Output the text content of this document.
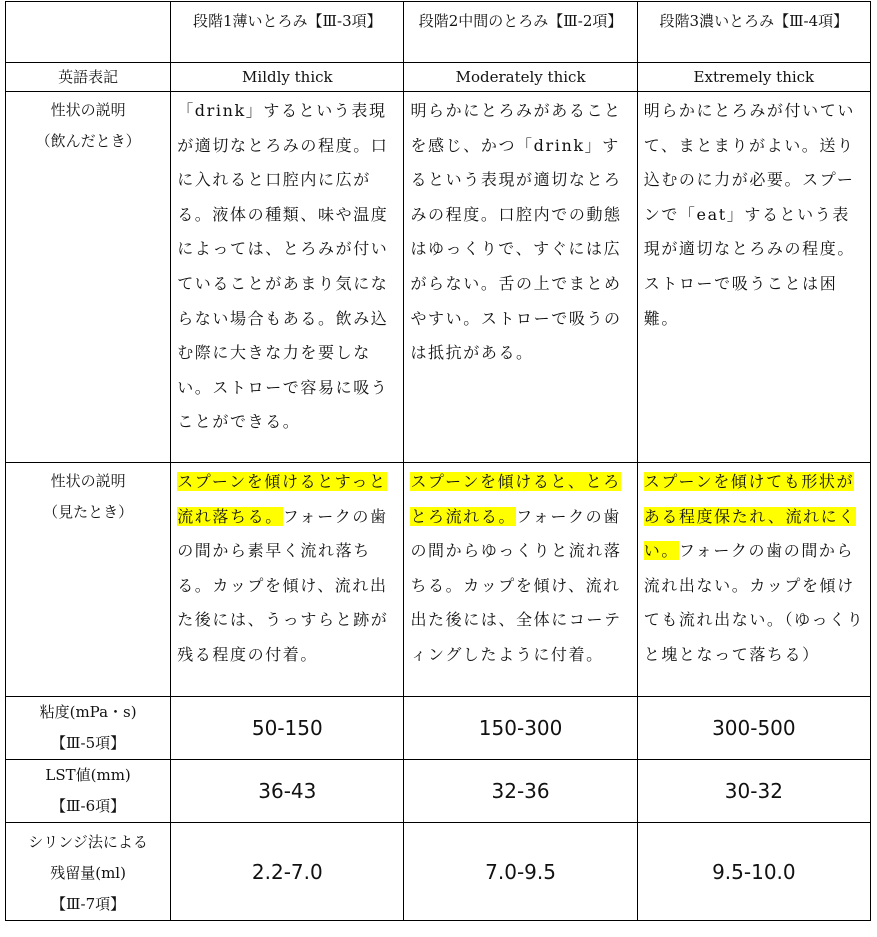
	段階1薄いとろみ【Ⅲ-3項】	段階2中間のとろみ【Ⅲ-2項】	段階3濃いとろみ【Ⅲ-4項】
英語表記	Mildly thick	Moderately thick	Extremely thick

性状の説明
（飲んだとき）	「drink」するという表現が適切なとろみの程度。口に入れると口腔内に広がる。液体の種類、味や温度によっては、とろみが付いていることがあまり気にならない場合もある。飲み込む際に大きな力を要しない。ストローで容易に吸うことができる。	明らかにとろみがあることを感じ、かつ「drink」するという表現が適切なとろみの程度。口腔内での動態はゆっくりで、すぐには広がらない。舌の上でまとめやすい。ストローで吸うのは抵抗がある。	明らかにとろみが付いていて、まとまりがよい。送り込むのに力が必要。スプーンで「eat」するという表現が適切なとろみの程度。ストローで吸うことは困難。

性状の説明
（見たとき）	スプーンを傾けるとすっと流れ落ちる。フォークの歯の間から素早く流れ落ちる。カップを傾け、流れ出た後には、うっすらと跡が残る程度の付着。	スプーンを傾けると、とろとろ流れる。フォークの歯の間からゆっくりと流れ落ちる。カップを傾け、流れ出た後には、全体にコーティングしたように付着。	スプーンを傾けても形状がある程度保たれ、流れにくい。フォークの歯の間から流れ出ない。カップを傾けても流れ出ない。（ゆっくりと塊となって落ちる）

粘度(mPa・s)
【Ⅲ-5項】	50-150	150-300	300-500

LST値(mm)
【Ⅲ-6項】	36-43	32-36	30-32

シリンジ法による
残留量(ml)
【Ⅲ-7項】	2.2-7.0	7.0-9.5	9.5-10.0
